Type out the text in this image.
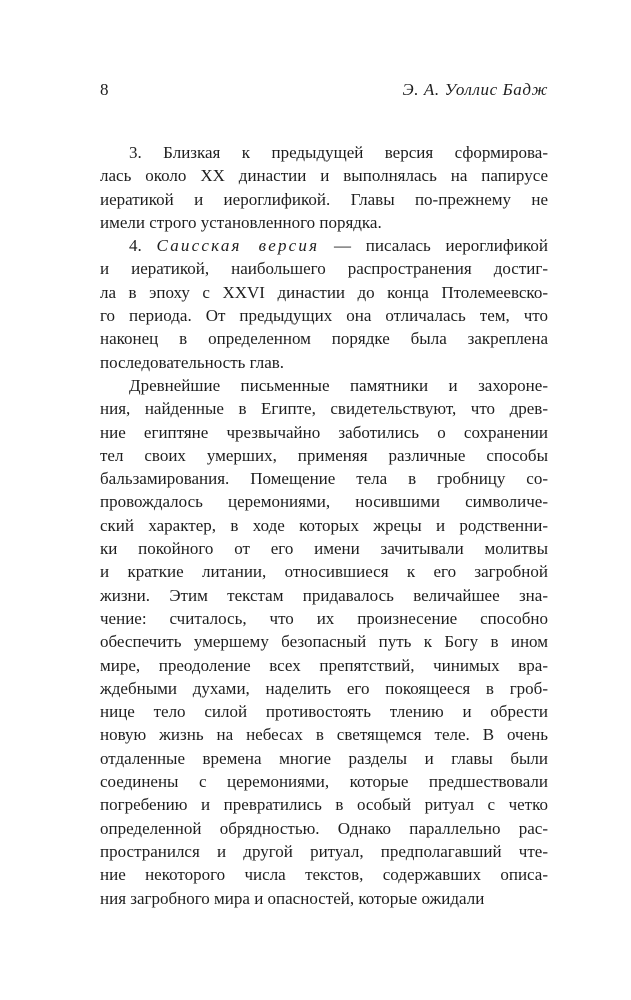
8	Э. А. Уоллис Бадж
3. Близкая к предыдущей версия сформирова-
лась около XX династии и выполнялась на папирусе
иератикой и иероглификой. Главы по-прежнему не
имели строго установленного порядка.
4. Саисская версия — писалась иероглификой
и иератикой, наибольшего распространения достиг-
ла в эпоху с XXVI династии до конца Птолемеевско-
го периода. От предыдущих она отличалась тем, что
наконец в определенном порядке была закреплена
последовательность глав.
Древнейшие письменные памятники и захороне-
ния, найденные в Египте, свидетельствуют, что древ-
ние египтяне чрезвычайно заботились о сохранении
тел своих умерших, применяя различные способы
бальзамирования. Помещение тела в гробницу со-
провождалось церемониями, носившими символиче-
ский характер, в ходе которых жрецы и родственни-
ки покойного от его имени зачитывали молитвы
и краткие литании, относившиеся к его загробной
жизни. Этим текстам придавалось величайшее зна-
чение: считалось, что их произнесение способно
обеспечить умершему безопасный путь к Богу в ином
мире, преодоление всех препятствий, чинимых вра-
ждебными духами, наделить его покоящееся в гроб-
нице тело силой противостоять тлению и обрести
новую жизнь на небесах в светящемся теле. В очень
отдаленные времена многие разделы и главы были
соединены с церемониями, которые предшествовали
погребению и превратились в особый ритуал с четко
определенной обрядностью. Однако параллельно рас-
пространился и другой ритуал, предполагавший чте-
ние некоторого числа текстов, содержавших описа-
ния загробного мира и опасностей, которые ожидали
